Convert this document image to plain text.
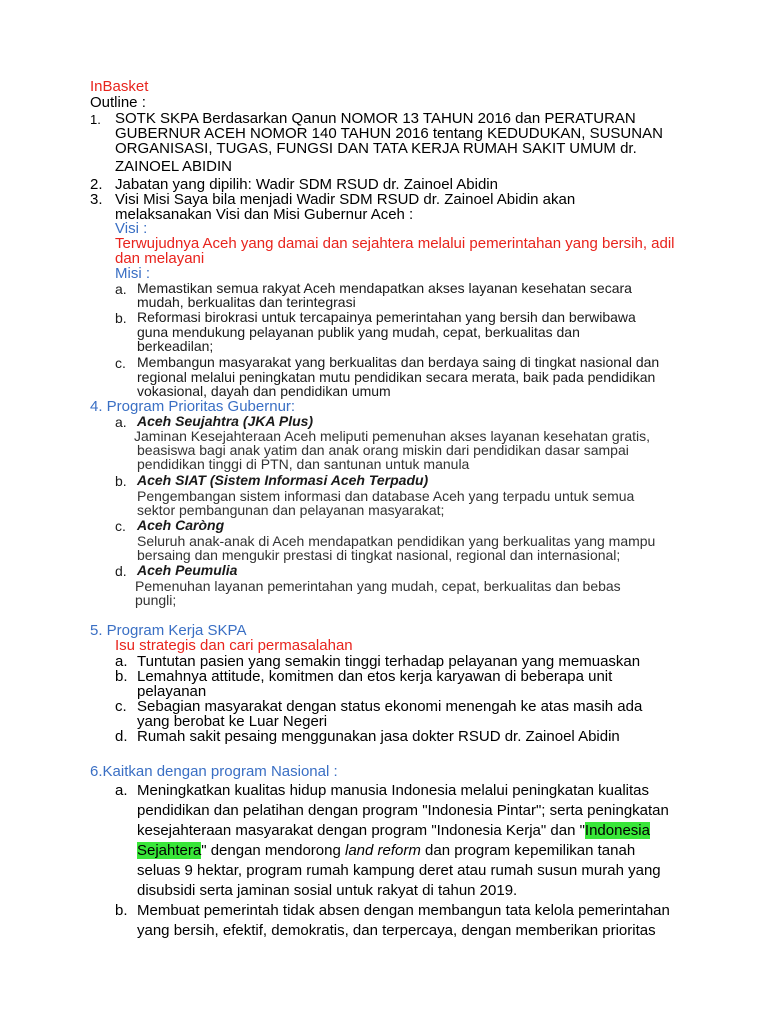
InBasket
Outline :
1. SOTK SKPA Berdasarkan Qanun NOMOR 13 TAHUN 2016 dan PERATURAN
GUBERNUR ACEH NOMOR 140 TAHUN 2016 tentang KEDUDUKAN, SUSUNAN
ORGANISASI, TUGAS, FUNGSI DAN TATA KERJA RUMAH SAKIT UMUM dr.
ZAINOEL ABIDIN
2. Jabatan yang dipilih: Wadir SDM RSUD dr. Zainoel Abidin
3. Visi Misi Saya bila menjadi Wadir SDM RSUD dr. Zainoel Abidin akan
melaksanakan Visi dan Misi Gubernur Aceh :
Visi :
Terwujudnya Aceh yang damai dan sejahtera melalui pemerintahan yang bersih, adil
dan melayani
Misi :
a. Memastikan semua rakyat Aceh mendapatkan akses layanan kesehatan secara
mudah, berkualitas dan terintegrasi
b. Reformasi birokrasi untuk tercapainya pemerintahan yang bersih dan berwibawa
guna mendukung pelayanan publik yang mudah, cepat, berkualitas dan
berkeadilan;
c. Membangun masyarakat yang berkualitas dan berdaya saing di tingkat nasional dan
regional melalui peningkatan mutu pendidikan secara merata, baik pada pendidikan
vokasional, dayah dan pendidikan umum
4. Program Prioritas Gubernur:
a. Aceh Seujahtra (JKA Plus)
Jaminan Kesejahteraan Aceh meliputi pemenuhan akses layanan kesehatan gratis,
beasiswa bagi anak yatim dan anak orang miskin dari pendidikan dasar sampai
pendidikan tinggi di PTN, dan santunan untuk manula
b. Aceh SIAT (Sistem Informasi Aceh Terpadu)
Pengembangan sistem informasi dan database Aceh yang terpadu untuk semua
sektor pembangunan dan pelayanan masyarakat;
c. Aceh Caròng
Seluruh anak-anak di Aceh mendapatkan pendidikan yang berkualitas yang mampu
bersaing dan mengukir prestasi di tingkat nasional, regional dan internasional;
d. Aceh Peumulia
Pemenuhan layanan pemerintahan yang mudah, cepat, berkualitas dan bebas
pungli;
5. Program Kerja SKPA
Isu strategis dan cari permasalahan
a. Tuntutan pasien yang semakin tinggi terhadap pelayanan yang memuaskan
b. Lemahnya attitude, komitmen dan etos kerja karyawan di beberapa unit
pelayanan
c. Sebagian masyarakat dengan status ekonomi menengah ke atas masih ada
yang berobat ke Luar Negeri
d. Rumah sakit pesaing menggunakan jasa dokter RSUD dr. Zainoel Abidin
6.Kaitkan dengan program Nasional :
a. Meningkatkan kualitas hidup manusia Indonesia melalui peningkatan kualitas
pendidikan dan pelatihan dengan program "Indonesia Pintar"; serta peningkatan
kesejahteraan masyarakat dengan program "Indonesia Kerja" dan "Indonesia
Sejahtera" dengan mendorong land reform dan program kepemilikan tanah
seluas 9 hektar, program rumah kampung deret atau rumah susun murah yang
disubsidi serta jaminan sosial untuk rakyat di tahun 2019.
b. Membuat pemerintah tidak absen dengan membangun tata kelola pemerintahan
yang bersih, efektif, demokratis, dan terpercaya, dengan memberikan prioritas
